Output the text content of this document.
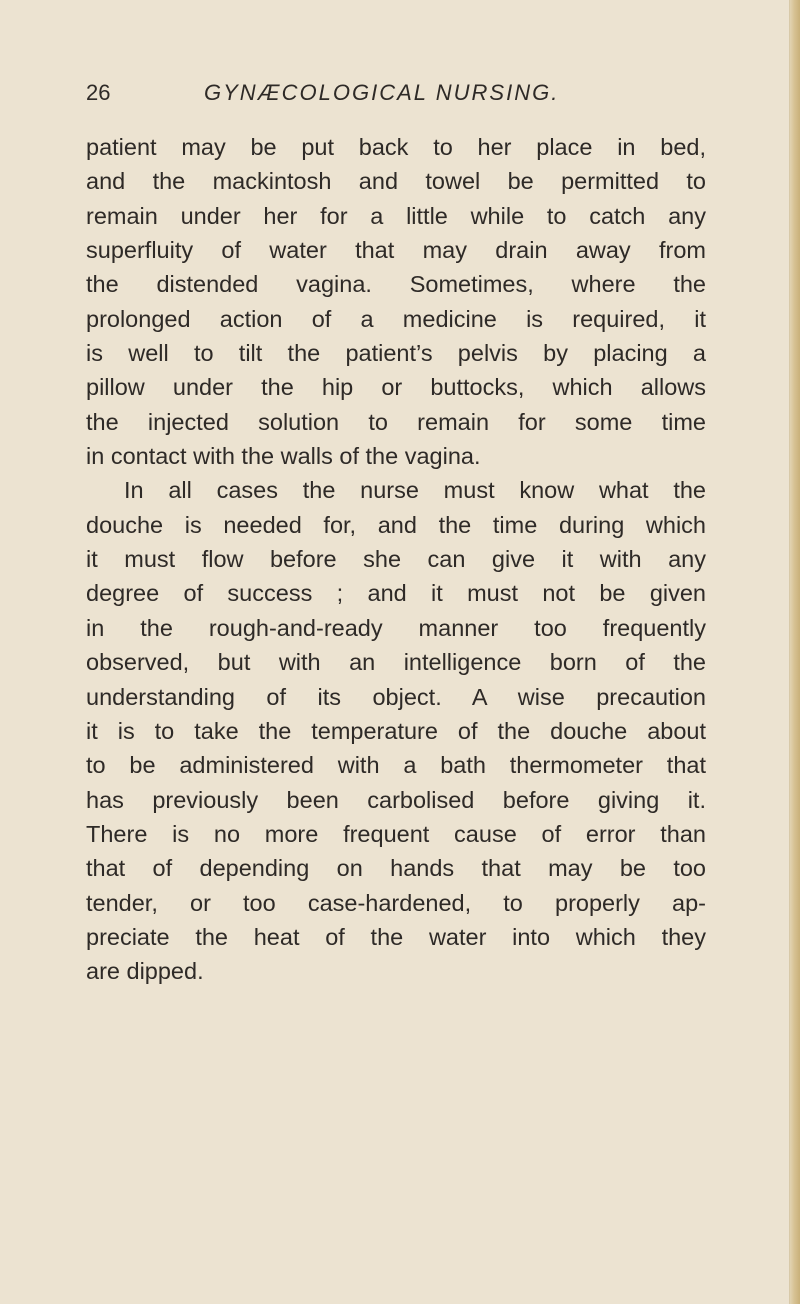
26	GYNÆCOLOGICAL NURSING.
patient may be put back to her place in bed,
and the mackintosh and towel be permitted to
remain under her for a little while to catch any
superfluity of water that may drain away from
the distended vagina. Sometimes, where the
prolonged action of a medicine is required, it
is well to tilt the patient’s pelvis by placing a
pillow under the hip or buttocks, which allows
the injected solution to remain for some time
in contact with the walls of the vagina.
In all cases the nurse must know what the
douche is needed for, and the time during which
it must flow before she can give it with any
degree of success ; and it must not be given
in the rough-and-ready manner too frequently
observed, but with an intelligence born of the
understanding of its object. A wise precaution
it is to take the temperature of the douche about
to be administered with a bath thermometer that
has previously been carbolised before giving it.
There is no more frequent cause of error than
that of depending on hands that may be too
tender, or too case-hardened, to properly ap-
preciate the heat of the water into which they
are dipped.
